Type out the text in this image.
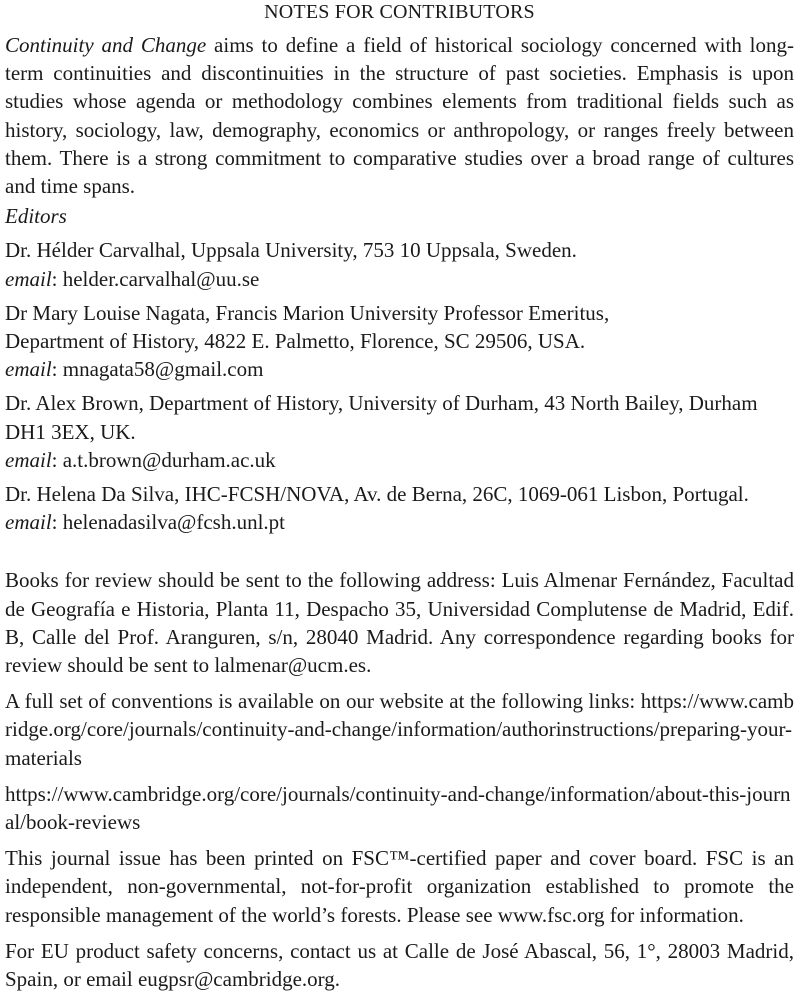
NOTES FOR CONTRIBUTORS

Continuity and Change aims to define a field of historical sociology concerned with long-term continuities and discontinuities in the structure of past societies. Emphasis is upon studies whose agenda or methodology combines elements from traditional fields such as history, sociology, law, demography, economics or anthropology, or ranges freely between them. There is a strong commitment to comparative studies over a broad range of cultures and time spans.

Editors
Dr. Hélder Carvalhal, Uppsala University, 753 10 Uppsala, Sweden.
email: helder.carvalhal@uu.se
Dr Mary Louise Nagata, Francis Marion University Professor Emeritus, Department of History, 4822 E. Palmetto, Florence, SC 29506, USA.
email: mnagata58@gmail.com
Dr. Alex Brown, Department of History, University of Durham, 43 North Bailey, Durham DH1 3EX, UK.
email: a.t.brown@durham.ac.uk
Dr. Helena Da Silva, IHC-FCSH/NOVA, Av. de Berna, 26C, 1069-061 Lisbon, Portugal.
email: helenadasilva@fcsh.unl.pt

Books for review should be sent to the following address: Luis Almenar Fernández, Facultad de Geografía e Historia, Planta 11, Despacho 35, Universidad Complutense de Madrid, Edif. B, Calle del Prof. Aranguren, s/n, 28040 Madrid. Any correspondence regarding books for review should be sent to lalmenar@ucm.es.

A full set of conventions is available on our website at the following links: https://www.cambridge.org/core/journals/continuity-and-change/information/authorinstructions/preparing-your-materials

https://www.cambridge.org/core/journals/continuity-and-change/information/about-this-journal/book-reviews

This journal issue has been printed on FSC™-certified paper and cover board. FSC is an independent, non-governmental, not-for-profit organization established to promote the responsible management of the world’s forests. Please see www.fsc.org for information.

For EU product safety concerns, contact us at Calle de José Abascal, 56, 1°, 28003 Madrid, Spain, or email eugpsr@cambridge.org.
